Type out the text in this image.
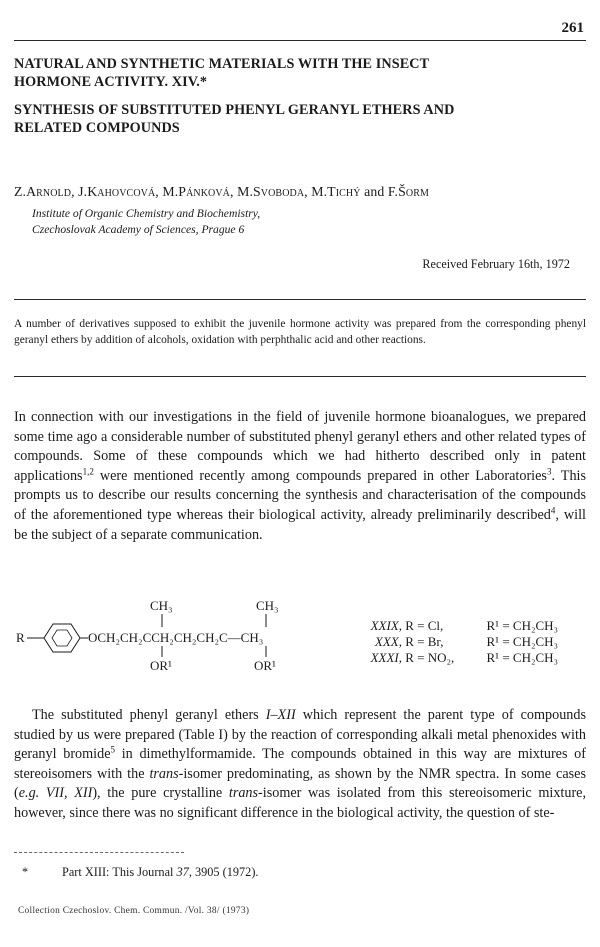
261
NATURAL AND SYNTHETIC MATERIALS WITH THE INSECT
HORMONE ACTIVITY. XIV.*
SYNTHESIS OF SUBSTITUTED PHENYL GERANYL ETHERS AND
RELATED COMPOUNDS
Z.Arnold, J.Kahovcová, M.Pánková, M.Svoboda, M.Tichý and F.Šorm
Institute of Organic Chemistry and Biochemistry,
Czechoslovak Academy of Sciences, Prague 6
Received February 16th, 1972
A number of derivatives supposed to exhibit the juvenile hormone activity was prepared from the corresponding phenyl geranyl ethers by addition of alcohols, oxidation with perphthalic acid and other reactions.

In connection with our investigations in the field of juvenile hormone bioanalogues, we prepared some time ago a considerable number of substituted phenyl geranyl ethers and other related types of compounds. Some of these compounds which we had hitherto described only in patent applications$^{1,2}$ were mentioned recently among compounds prepared in other Laboratories$^3$. This prompts us to describe our results concerning the synthesis and characterisation of the compounds of the aforementioned type whereas their biological activity, already preliminarily described$^4$, will be the subject of a separate communication.

R	OCH₂CH₂CCH₂CH₂CH₂C—CH₃
CH₃	CH₃
OR¹	OR¹
XXIX, R = Cl,	R¹ = CH₂CH₃
XXX, R = Br,	R¹ = CH₂CH₃
XXXI, R = NO₂, R¹ = CH₂CH₃

The substituted phenyl geranyl ethers I–XII which represent the parent type of compounds studied by us were prepared (Table I) by the reaction of corresponding alkali metal phenoxides with geranyl bromide$^5$ in dimethylformamide. The compounds obtained in this way are mixtures of stereoisomers with the trans-isomer predominating, as shown by the NMR spectra. In some cases (e.g. VII, XII), the pure crystalline trans-isomer was isolated from this stereoisomeric mixture, however, since there was no significant difference in the biological activity, the question of ste-

*	Part XIII: This Journal 37, 3905 (1972).
Collection Czechoslov. Chem. Commun. /Vol. 38/ (1973)
